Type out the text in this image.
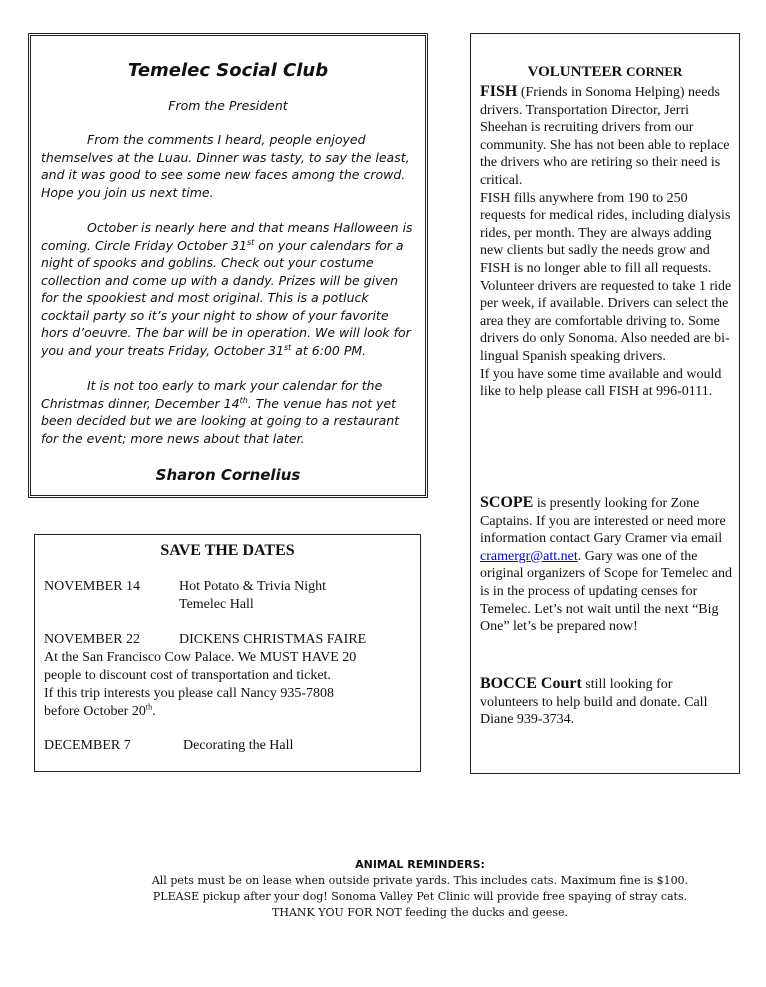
Temelec Social Club
From the President

From the comments I heard, people enjoyed themselves at the Luau. Dinner was tasty, to say the least, and it was good to see some new faces among the crowd. Hope you join us next time.

October is nearly here and that means Halloween is coming. Circle Friday October 31st on your calendars for a night of spooks and goblins. Check out your costume collection and come up with a dandy. Prizes will be given for the spookiest and most original. This is a potluck cocktail party so it’s your night to show of your favorite hors d’oeuvre. The bar will be in operation. We will look for you and your treats Friday, October 31st at 6:00 PM.

It is not too early to mark your calendar for the Christmas dinner, December 14th. The venue has not yet been decided but we are looking at going to a restaurant for the event; more news about that later.

Sharon Cornelius
SAVE THE DATES
NOVEMBER 14	Hot Potato & Trivia Night
Temelec Hall
NOVEMBER 22	DICKENS CHRISTMAS FAIRE
At the San Francisco Cow Palace. We MUST HAVE 20
people to discount cost of transportation and ticket.
If this trip interests you please call Nancy 935-7808
before October 20th.
DECEMBER 7	Decorating the Hall
VOLUNTEER CORNER

FISH (Friends in Sonoma Helping) needs drivers. Transportation Director, Jerri Sheehan is recruiting drivers from our community. She has not been able to replace the drivers who are retiring so their need is critical.
FISH fills anywhere from 190 to 250 requests for medical rides, including dialysis rides, per month. They are always adding new clients but sadly the needs grow and FISH is no longer able to fill all requests. Volunteer drivers are requested to take 1 ride per week, if available. Drivers can select the area they are comfortable driving to. Some drivers do only Sonoma. Also needed are bi-lingual Spanish speaking drivers.
If you have some time available and would like to help please call FISH at 996-0111.

SCOPE is presently looking for Zone Captains. If you are interested or need more information contact Gary Cramer via email cramergr@att.net. Gary was one of the original organizers of Scope for Temelec and is in the process of updating censes for Temelec. Let’s not wait until the next “Big One” let’s be prepared now!

BOCCE Court still looking for volunteers to help build and donate. Call Diane 939-3734.

ANIMAL REMINDERS:
All pets must be on lease when outside private yards. This includes cats. Maximum fine is $100.
PLEASE pickup after your dog! Sonoma Valley Pet Clinic will provide free spaying of stray cats.
THANK YOU FOR NOT feeding the ducks and geese.
